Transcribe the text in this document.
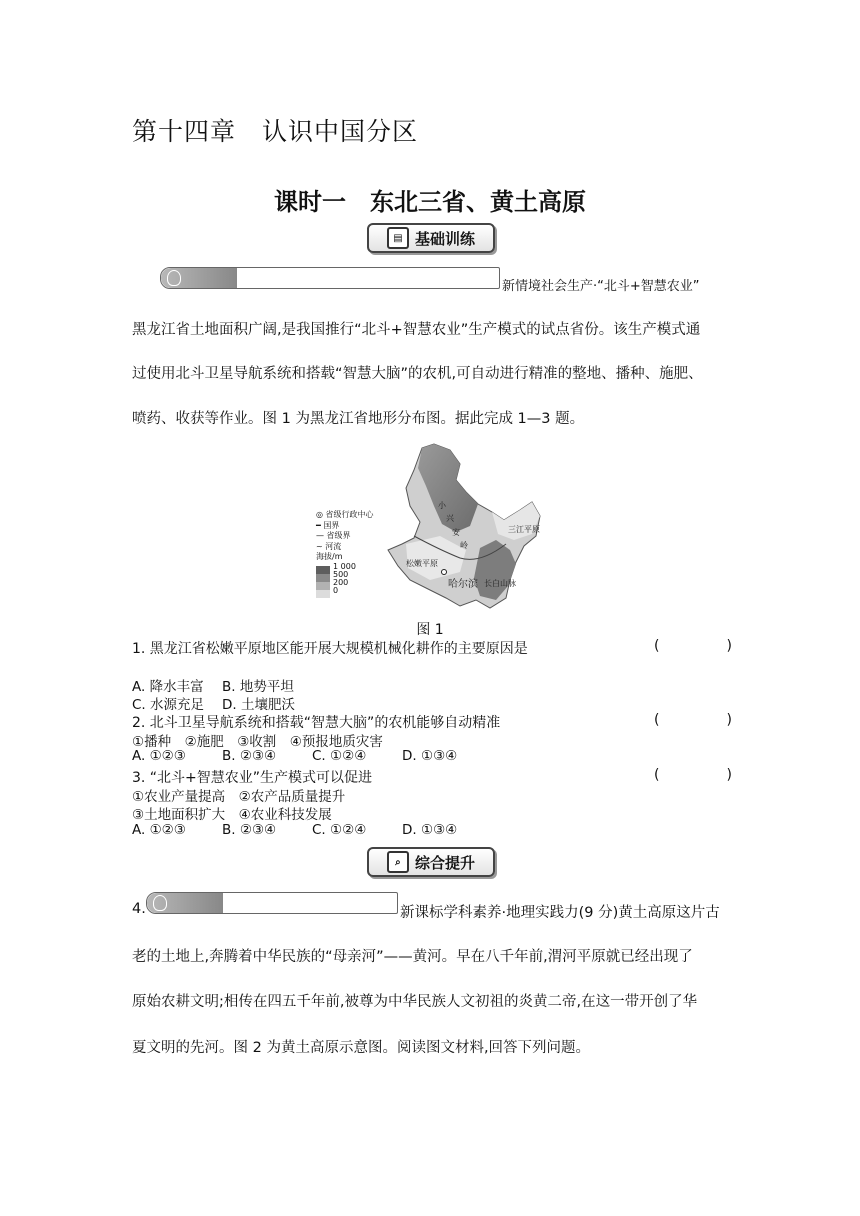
第十四章　认识中国分区
课时一　东北三省、黄土高原
▤ 基础训练
新情境社会生产·“北斗+智慧农业”
黑龙江省土地面积广阔,是我国推行“北斗+智慧农业”生产模式的试点省份。该生产模式通
过使用北斗卫星导航系统和搭载“智慧大脑”的农机,可自动进行精准的整地、播种、施肥、
喷药、收获等作业。图 1 为黑龙江省地形分布图。据此完成 1—3 题。
小
兴
安
岭
松嫩平原
哈尔滨
三江平原
长白山脉
◎ 省级行政中心
━ 国界
— 省级界
~ 河流
海拔/m
1 000
500
200
0
图 1
1. 黑龙江省松嫩平原地区能开展大规模机械化耕作的主要原因是	(	)
A. 降水丰富 B. 地势平坦
C. 水源充足 D. 土壤肥沃
2. 北斗卫星导航系统和搭载“智慧大脑”的农机能够自动精准	(	)
①播种　②施肥　③收割　④预报地质灾害
A. ①②③	B. ②③④	C. ①②④	D. ①③④
3. “北斗+智慧农业”生产模式可以促进	(	)
①农业产量提高　②农产品质量提升
③土地面积扩大　④农业科技发展
A. ①②③	B. ②③④	C. ①②④	D. ①③④
⌕ 综合提升
4.	新课标学科素养·地理实践力(9 分)黄土高原这片古
老的土地上,奔腾着中华民族的“母亲河”——黄河。早在八千年前,渭河平原就已经出现了
原始农耕文明;相传在四五千年前,被尊为中华民族人文初祖的炎黄二帝,在这一带开创了华
夏文明的先河。图 2 为黄土高原示意图。阅读图文材料,回答下列问题。
